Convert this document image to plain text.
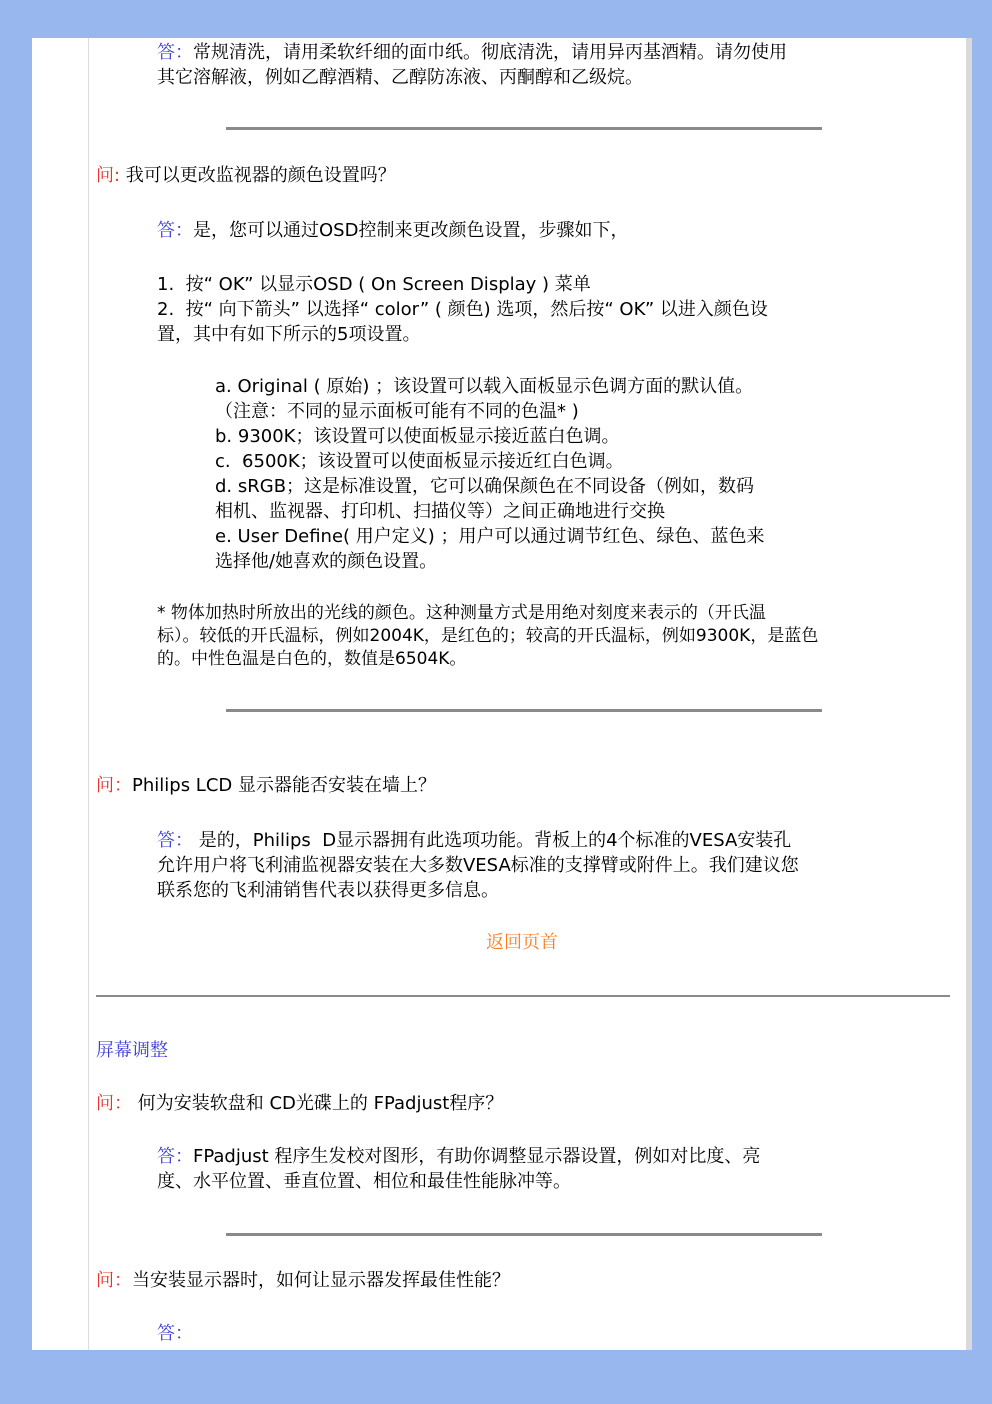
答：常规清洗，请用柔软纤细的面巾纸。彻底清洗，请用异丙基酒精。请勿使用
其它溶解液，例如乙醇酒精、乙醇防冻液、丙酮醇和乙级烷。
问: 我可以更改监视器的颜色设置吗？
答：是，您可以通过OSD控制来更改颜色设置，步骤如下，
1.  按“ OK” 以显示OSD ( On Screen Display ) 菜单
2.  按“ 向下箭头” 以选择“ color” ( 颜色) 选项，然后按“ OK” 以进入颜色设
置，其中有如下所示的5项设置。
a. Original ( 原始) ；该设置可以载入面板显示色调方面的默认值。
（注意：不同的显示面板可能有不同的色温* )
b. 9300K；该设置可以使面板显示接近蓝白色调。
c.  6500K；该设置可以使面板显示接近红白色调。
d. sRGB；这是标准设置，它可以确保颜色在不同设备（例如，数码
相机、监视器、打印机、扫描仪等）之间正确地进行交换
e. User Define( 用户定义) ；用户可以通过调节红色、绿色、蓝色来
选择他/她喜欢的颜色设置。
* 物体加热时所放出的光线的颜色。这种测量方式是用绝对刻度来表示的（开氏温
标）。较低的开氏温标，例如2004K，是红色的；较高的开氏温标，例如9300K，是蓝色
的。中性色温是白色的，数值是6504K。
问：Philips LCD 显示器能否安装在墙上？
答： 是的，Philips  D显示器拥有此选项功能。背板上的4个标准的VESA安装孔
允许用户将飞利浦监视器安装在大多数VESA标准的支撑臂或附件上。我们建议您
联系您的飞利浦销售代表以获得更多信息。
返回页首
屏幕调整
问： 何为安装软盘和 CD光碟上的 FPadjust程序？
答：FPadjust 程序生发校对图形，有助你调整显示器设置，例如对比度、亮
度、水平位置、垂直位置、相位和最佳性能脉冲等。
问：当安装显示器时，如何让显示器发挥最佳性能？
答：
